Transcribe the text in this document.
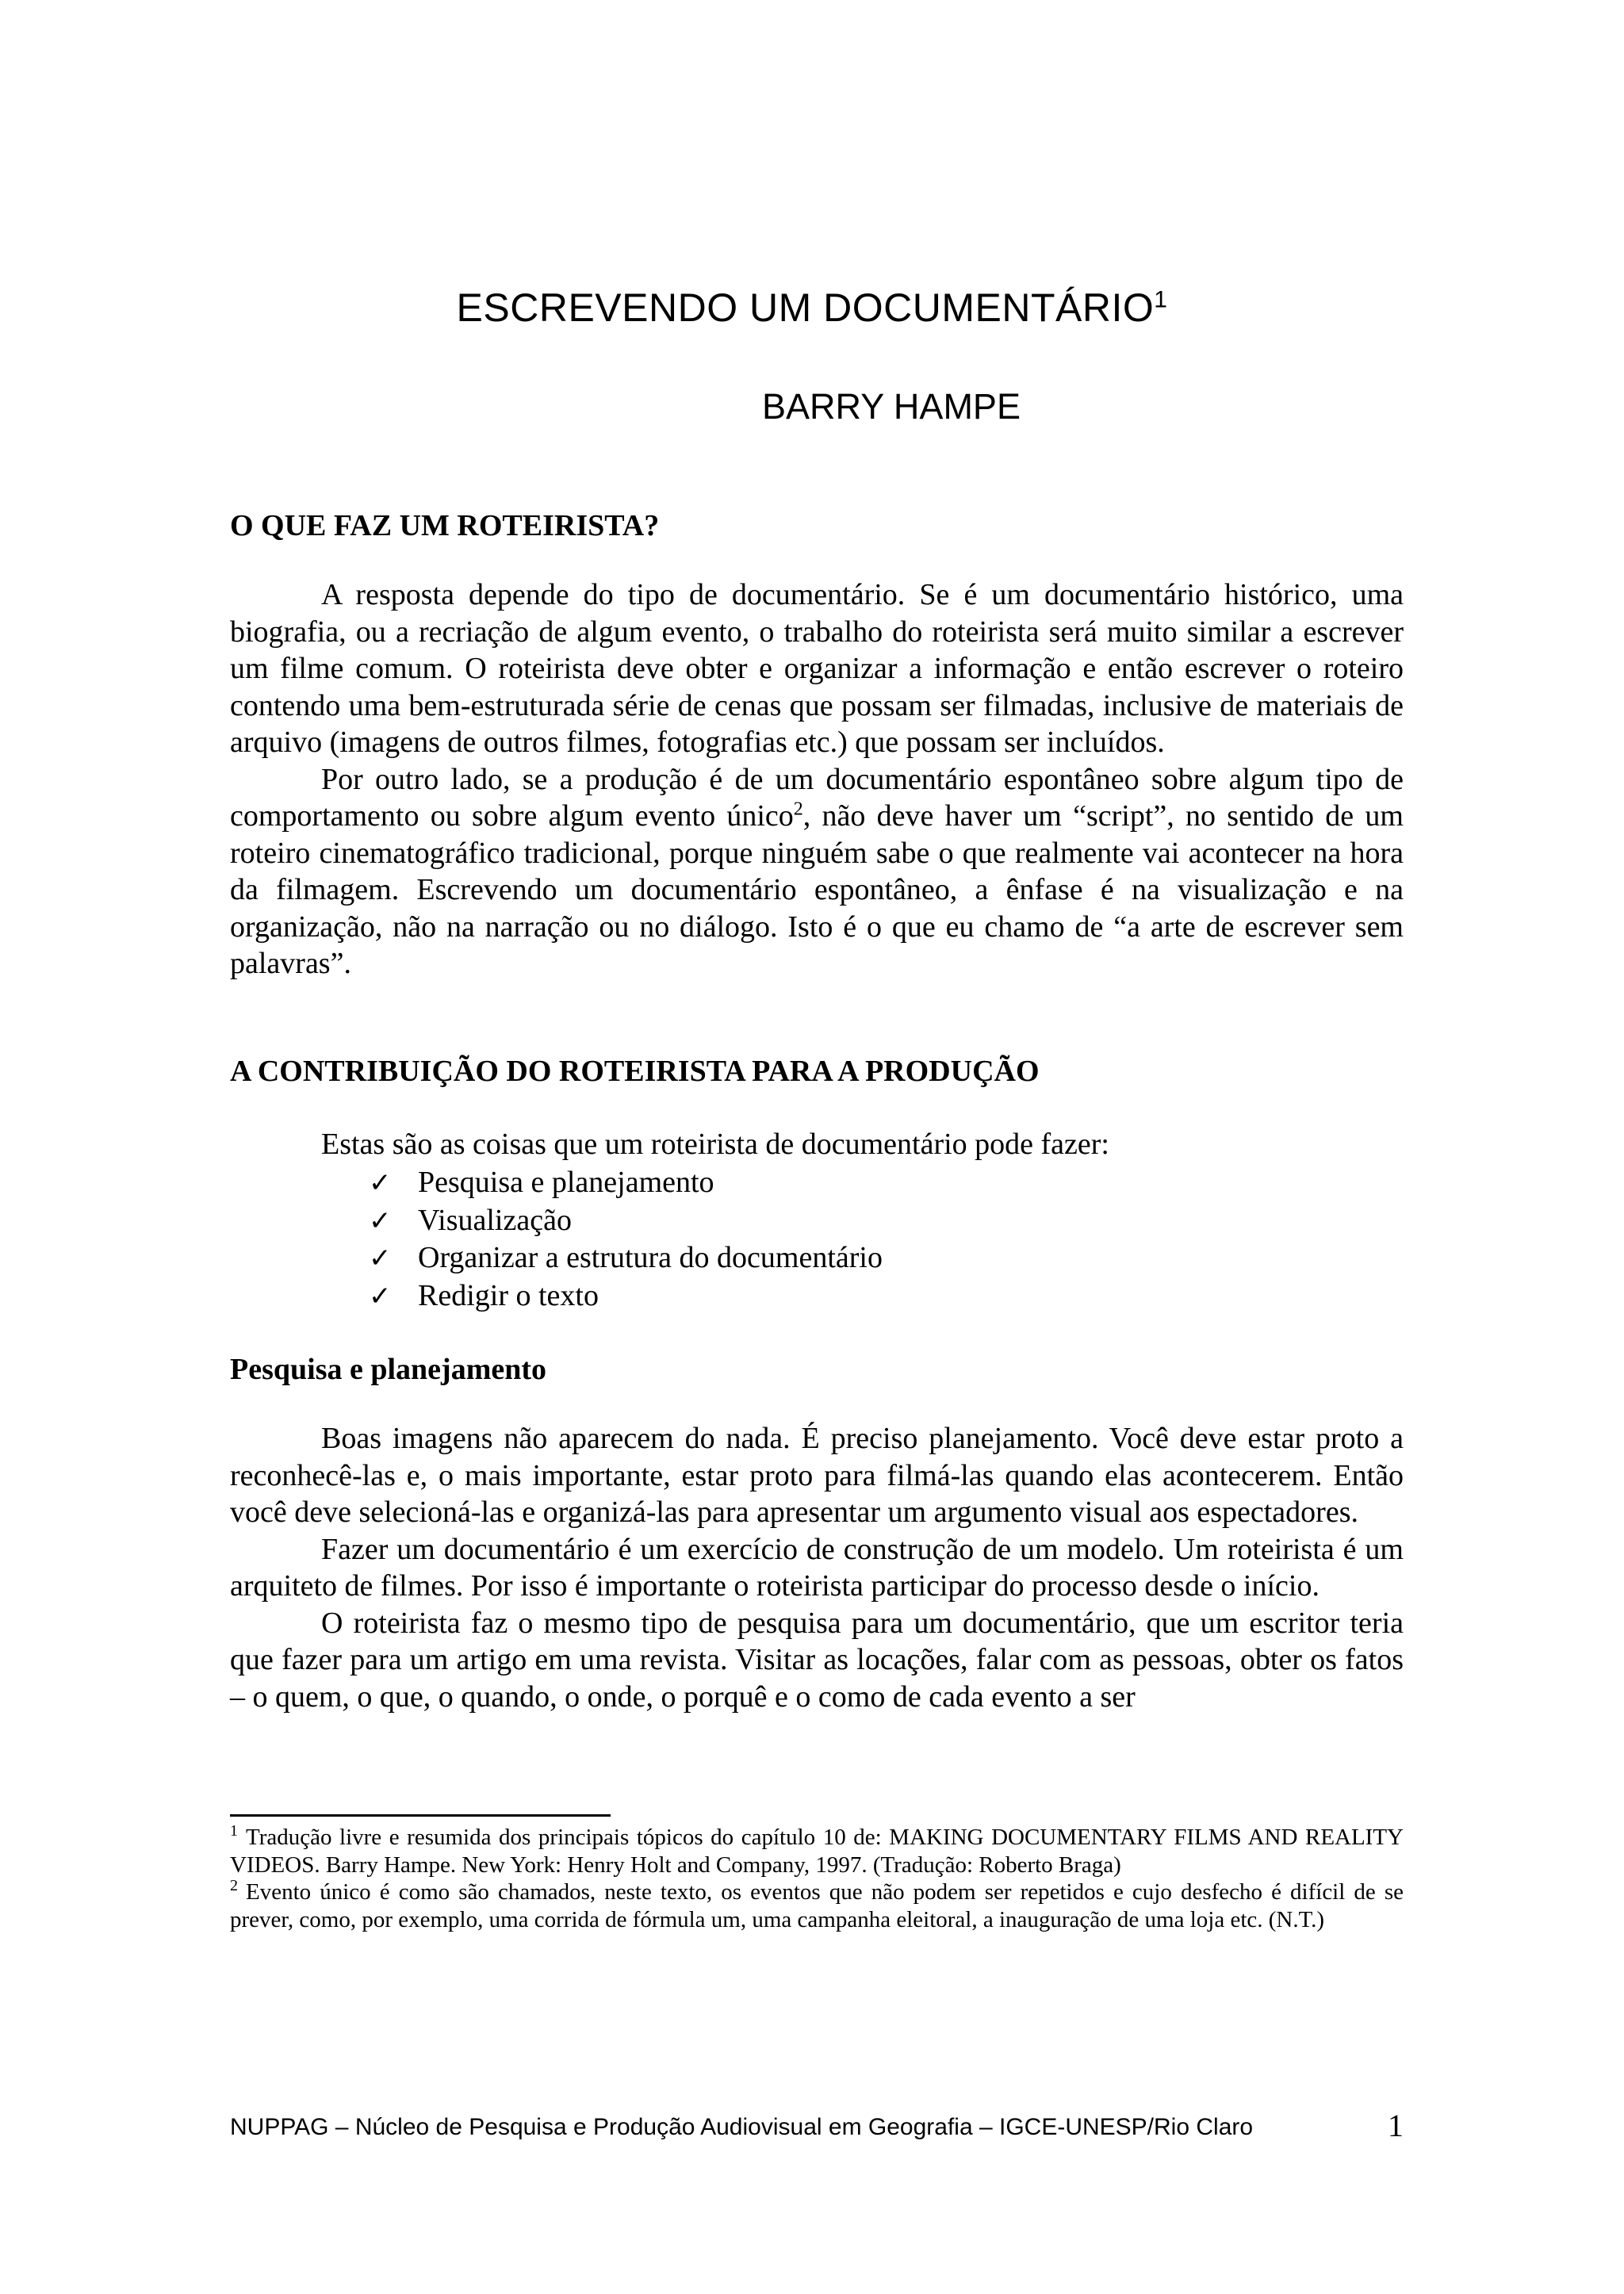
ESCREVENDO UM DOCUMENTÁRIO$^1$
BARRY HAMPE
O QUE FAZ UM ROTEIRISTA?

A resposta depende do tipo de documentário. Se é um documentário histórico, uma biografia, ou a recriação de algum evento, o trabalho do roteirista será muito similar a escrever um filme comum. O roteirista deve obter e organizar a informação e então escrever o roteiro contendo uma bem-estruturada série de cenas que possam ser filmadas, inclusive de materiais de arquivo (imagens de outros filmes, fotografias etc.) que possam ser incluídos.

Por outro lado, se a produção é de um documentário espontâneo sobre algum tipo de comportamento ou sobre algum evento único$^2$, não deve haver um “script”, no sentido de um roteiro cinematográfico tradicional, porque ninguém sabe o que realmente vai acontecer na hora da filmagem. Escrevendo um documentário espontâneo, a ênfase é na visualização e na organização, não na narração ou no diálogo. Isto é o que eu chamo de “a arte de escrever sem palavras”.

A CONTRIBUIÇÃO DO ROTEIRISTA PARA A PRODUÇÃO
Estas são as coisas que um roteirista de documentário pode fazer:
✓ Pesquisa e planejamento
✓ Visualização
✓ Organizar a estrutura do documentário
✓ Redigir o texto
Pesquisa e planejamento

Boas imagens não aparecem do nada. É preciso planejamento. Você deve estar proto a reconhecê-las e, o mais importante, estar proto para filmá-las quando elas acontecerem. Então você deve selecioná-las e organizá-las para apresentar um argumento visual aos espectadores.

Fazer um documentário é um exercício de construção de um modelo. Um roteirista é um arquiteto de filmes. Por isso é importante o roteirista participar do processo desde o início.

O roteirista faz o mesmo tipo de pesquisa para um documentário, que um escritor teria que fazer para um artigo em uma revista. Visitar as locações, falar com as pessoas, obter os fatos – o quem, o que, o quando, o onde, o porquê e o como de cada evento a ser

$^1$ Tradução livre e resumida dos principais tópicos do capítulo 10 de: MAKING DOCUMENTARY FILMS AND REALITY VIDEOS. Barry Hampe. New York: Henry Holt and Company, 1997. (Tradução: Roberto Braga)

$^2$ Evento único é como são chamados, neste texto, os eventos que não podem ser repetidos e cujo desfecho é difícil de se prever, como, por exemplo, uma corrida de fórmula um, uma campanha eleitoral, a inauguração de uma loja etc. (N.T.)

NUPPAG – Núcleo de Pesquisa e Produção Audiovisual em Geografia – IGCE-UNESP/Rio Claro	1
